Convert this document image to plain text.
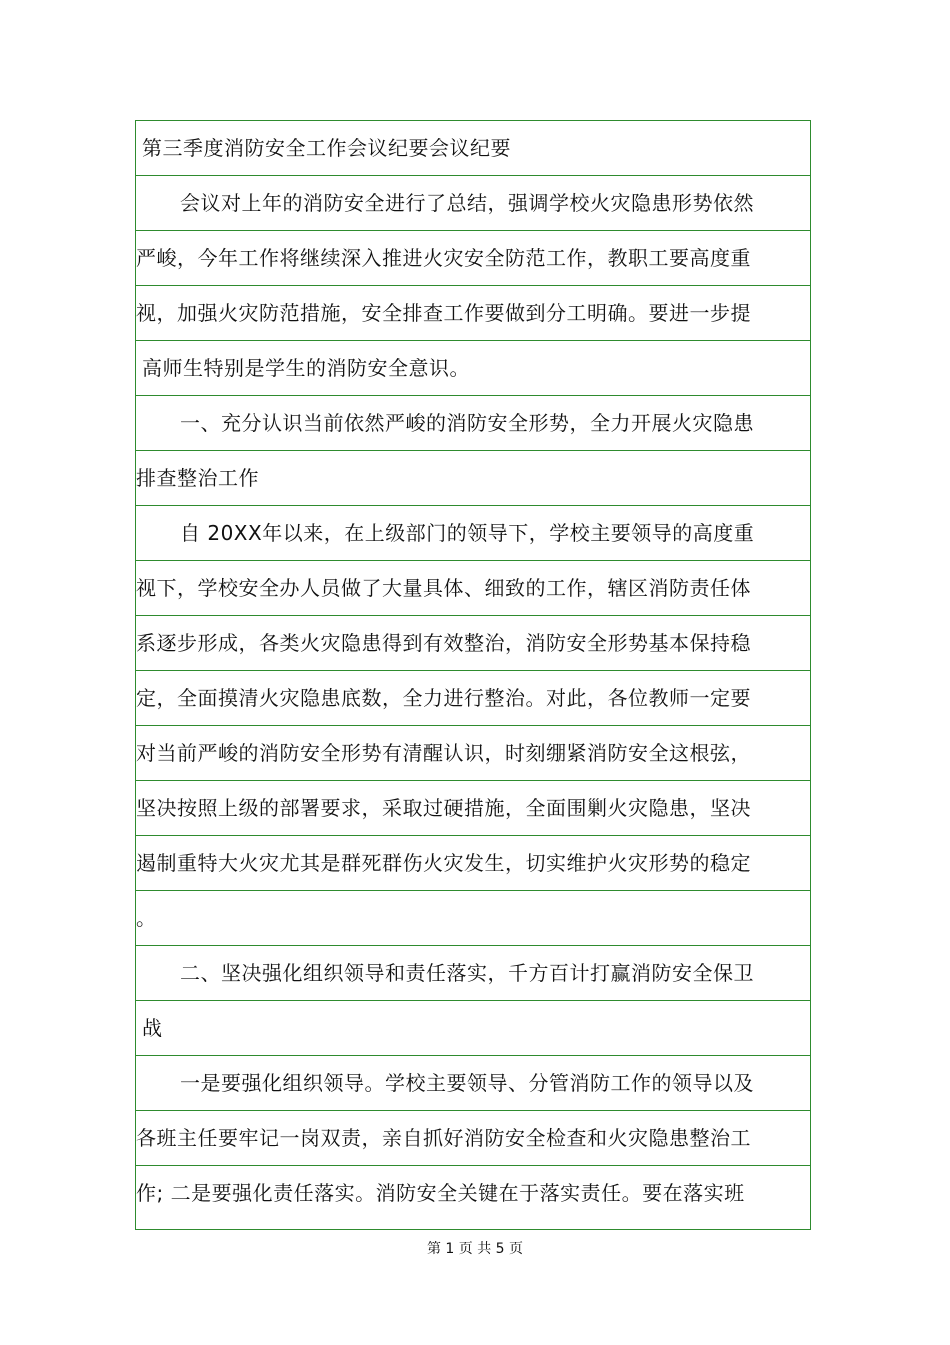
第三季度消防安全工作会议纪要会议纪要
会议对上年的消防安全进行了总结，强调学校火灾隐患形势依然
严峻，今年工作将继续深入推进火灾安全防范工作，教职工要高度重
视，加强火灾防范措施，安全排查工作要做到分工明确。要进一步提
高师生特别是学生的消防安全意识。
一、充分认识当前依然严峻的消防安全形势，全力开展火灾隐患
排查整治工作
自 20XX年以来，在上级部门的领导下，学校主要领导的高度重
视下，学校安全办人员做了大量具体、细致的工作，辖区消防责任体
系逐步形成，各类火灾隐患得到有效整治，消防安全形势基本保持稳
定，全面摸清火灾隐患底数，全力进行整治。对此，各位教师一定要
对当前严峻的消防安全形势有清醒认识，时刻绷紧消防安全这根弦，
坚决按照上级的部署要求，采取过硬措施，全面围剿火灾隐患，坚决
遏制重特大火灾尤其是群死群伤火灾发生，切实维护火灾形势的稳定
。
二、坚决强化组织领导和责任落实，千方百计打赢消防安全保卫
战
一是要强化组织领导。学校主要领导、分管消防工作的领导以及
各班主任要牢记一岗双责，亲自抓好消防安全检查和火灾隐患整治工
作; 二是要强化责任落实。消防安全关键在于落实责任。要在落实班
第 1 页 共 5 页
